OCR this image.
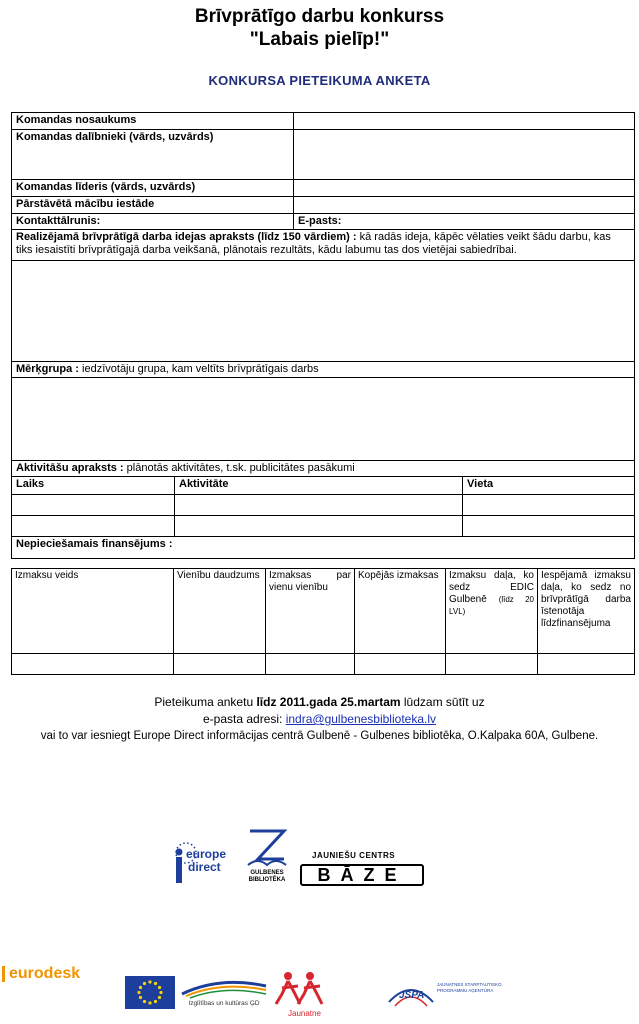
Brīvprātīgo darbu konkurss
"Labais pielīp!"
KONKURSA PIETEIKUMA ANKETA
Komandas nosaukums			
Komandas dalībnieki (vārds, uzvārds)			
Komandas līderis (vārds, uzvārds)			
Pārstāvētā mācību iestāde			
Kontakttālrunis:		E-pasts:	
Realizējamā brīvprātīgā darba idejas apraksts (līdz 150 vārdiem) : kā radās ideja, kāpēc vēlaties veikt šādu darbu, kas tiks iesaistīti brīvprātīgajā darba veikšanā, plānotais rezultāts, kādu labumu tas dos vietējai sabiedrībai.			

Mērķgrupa : iedzīvotāju grupa, kam veltīts brīvprātīgais darbs			

Aktivitāšu apraksts : plānotās aktivitātes, t.sk. publicitātes pasākumi			
Laiks	Aktivitāte		Vieta

Nepieciešamais finansējums :			
Izmaksu veids	Vienību daudzums	Izmaksas par vienu vienību	Kopējās izmaksas	Izmaksu daļa, ko sedz EDIC Gulbenē (līdz 20 LVL)	Iespējamā izmaksu daļa, ko sedz no brīvprātīgā darba īstenotāja līdzfinansējuma

Pieteikuma anketu līdz 2011.gada 25.martam lūdzam sūtīt uz
e-pasta adresi: indra@gulbenesbiblioteka.lv
vai to var iesniegt Europe Direct informācijas centrā Gulbenē - Gulbenes bibliotēka, O.Kalpaka 60A, Gulbene.
europe
direct	GULBENES
BIBLIOTĒKA
JAUNIEŠU CENTRS
BĀZE
eurodesk
Izglītības un kultūras ĢD
Jaunatne
JSPA
JAUNATNES STARPTAUTISKO PROGRAMMU AĢENTŪRA
